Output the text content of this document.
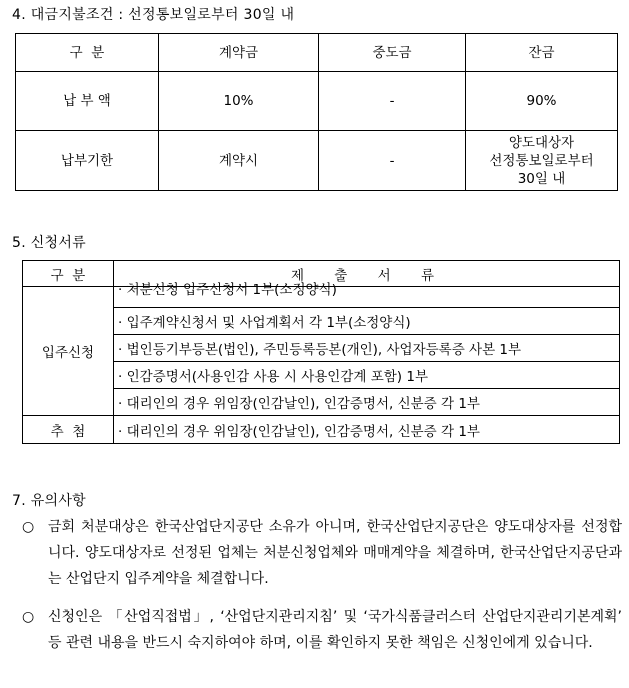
4. 대금지불조건 : 선정통보일로부터 30일 내
구  분	계약금	중도금	잔금
납 부 액	10%	-	90%
납부기한	계약시	-	양도대상자
선정통보일로부터
30일 내
5. 신청서류
구  분	제 출 서 류
입주신청	· 처분신청 입주신청서 1부(소정양식)
	· 입주계약신청서 및 사업계획서 각 1부(소정양식)
	· 법인등기부등본(법인), 주민등록등본(개인), 사업자등록증 사본 1부
	· 인감증명서(사용인감 사용 시 사용인감계 포함) 1부
	· 대리인의 경우 위임장(인감날인), 인감증명서, 신분증 각 1부
추  첨	· 대리인의 경우 위임장(인감날인), 인감증명서, 신분증 각 1부
7. 유의사항
○ 금회 처분대상은 한국산업단지공단 소유가 아니며, 한국산업단지공단은 양도대상자를 선정합니다. 양도대상자로 선정된 업체는 처분신청업체와 매매계약을 체결하며, 한국산업단지공단과는 산업단지 입주계약을 체결합니다.
○ 신청인은 「산업직접법」, ‘산업단지관리지침’ 및 ‘국가식품클러스터 산업단지관리기본계획’ 등 관련 내용을 반드시 숙지하여야 하며, 이를 확인하지 못한 책임은 신청인에게 있습니다.
